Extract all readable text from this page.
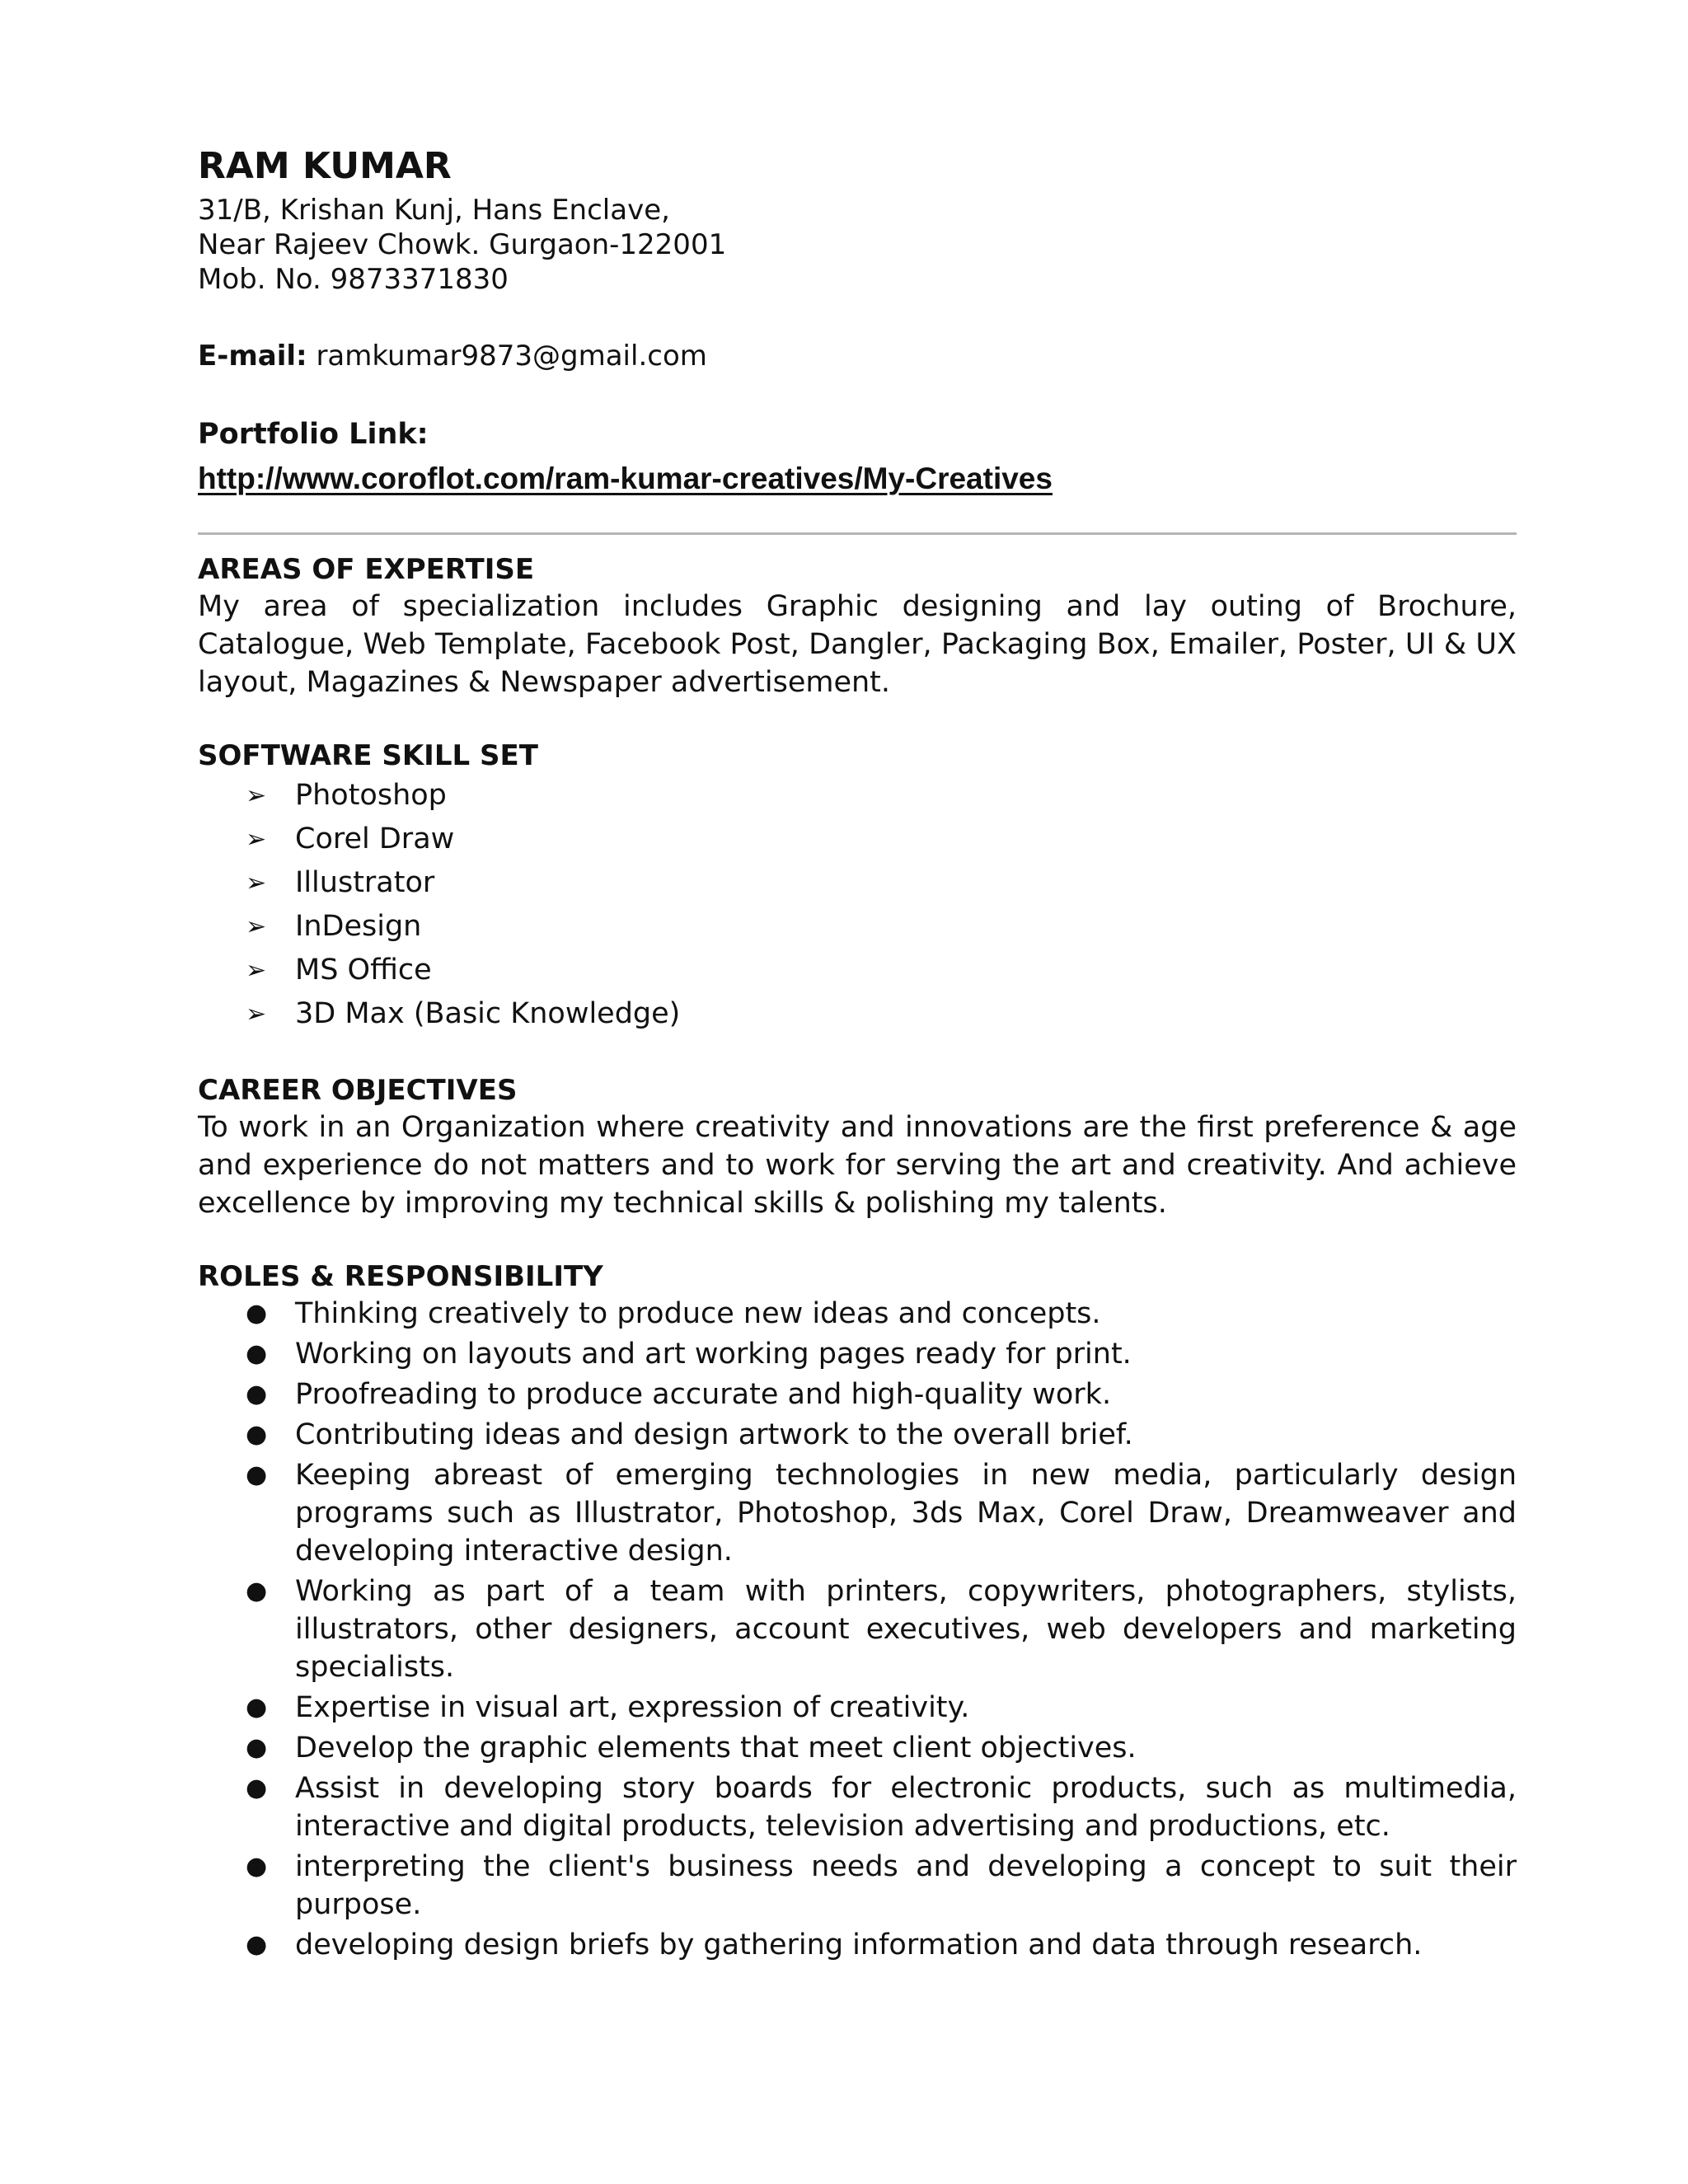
RAM KUMAR

31/B, Krishan Kunj, Hans Enclave,

Near Rajeev Chowk. Gurgaon-122001

Mob. No. 9873371830

E-mail: ramkumar9873@gmail.com
Portfolio Link:
http://www.coroflot.com/ram-kumar-creatives/My-Creatives
AREAS OF EXPERTISE

My area of specialization includes Graphic designing and lay outing of Brochure, Catalogue, Web Template, Facebook Post, Dangler, Packaging Box, Emailer, Poster, UI & UX layout, Magazines & Newspaper advertisement.

SOFTWARE SKILL SET
➢ Photoshop
➢ Corel Draw
➢ Illustrator
➢ InDesign
➢ MS Office
➢ 3D Max (Basic Knowledge)
CAREER OBJECTIVES

To work in an Organization where creativity and innovations are the first preference & age and experience do not matters and to work for serving the art and creativity. And achieve excellence by improving my technical skills & polishing my talents.

ROLES & RESPONSIBILITY
● Thinking creatively to produce new ideas and concepts.
● Working on layouts and art working pages ready for print.
● Proofreading to produce accurate and high-quality work.
● Contributing ideas and design artwork to the overall brief.
● Keeping abreast of emerging technologies in new media, particularly design programs such as Illustrator, Photoshop, 3ds Max, Corel Draw, Dreamweaver and developing interactive design.
● Working as part of a team with printers, copywriters, photographers, stylists, illustrators, other designers, account executives, web developers and marketing specialists.
● Expertise in visual art, expression of creativity.
● Develop the graphic elements that meet client objectives.
● Assist in developing story boards for electronic products, such as multimedia, interactive and digital products, television advertising and productions, etc.
● interpreting the client's business needs and developing a concept to suit their purpose.
● developing design briefs by gathering information and data through research.
